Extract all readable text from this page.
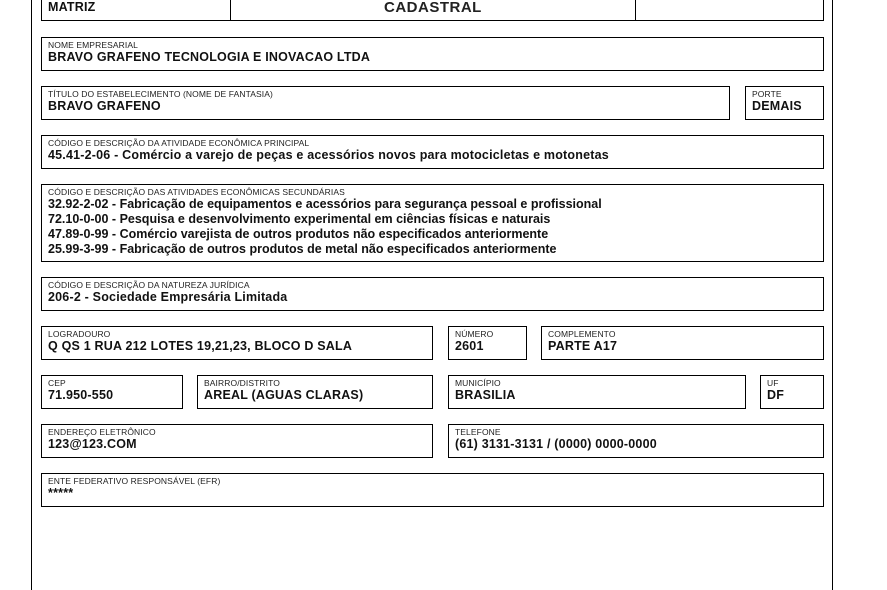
MATRIZ	CADASTRAL
NOME EMPRESARIAL
BRAVO GRAFENO TECNOLOGIA E INOVACAO LTDA
TÍTULO DO ESTABELECIMENTO (NOME DE FANTASIA)
BRAVO GRAFENO
PORTE
DEMAIS
CÓDIGO E DESCRIÇÃO DA ATIVIDADE ECONÔMICA PRINCIPAL
45.41-2-06 - Comércio a varejo de peças e acessórios novos para motocicletas e motonetas
CÓDIGO E DESCRIÇÃO DAS ATIVIDADES ECONÔMICAS SECUNDÁRIAS
32.92-2-02 - Fabricação de equipamentos e acessórios para segurança pessoal e profissional
72.10-0-00 - Pesquisa e desenvolvimento experimental em ciências físicas e naturais
47.89-0-99 - Comércio varejista de outros produtos não especificados anteriormente
25.99-3-99 - Fabricação de outros produtos de metal não especificados anteriormente
CÓDIGO E DESCRIÇÃO DA NATUREZA JURÍDICA
206-2 - Sociedade Empresária Limitada
LOGRADOURO
Q QS 1 RUA 212 LOTES 19,21,23, BLOCO D SALA
NÚMERO
2601
COMPLEMENTO
PARTE A17
CEP
71.950-550
BAIRRO/DISTRITO
AREAL (AGUAS CLARAS)
MUNICÍPIO
BRASILIA
UF
DF
ENDEREÇO ELETRÔNICO
123@123.COM
TELEFONE
(61) 3131-3131 / (0000) 0000-0000
ENTE FEDERATIVO RESPONSÁVEL (EFR)
*****
